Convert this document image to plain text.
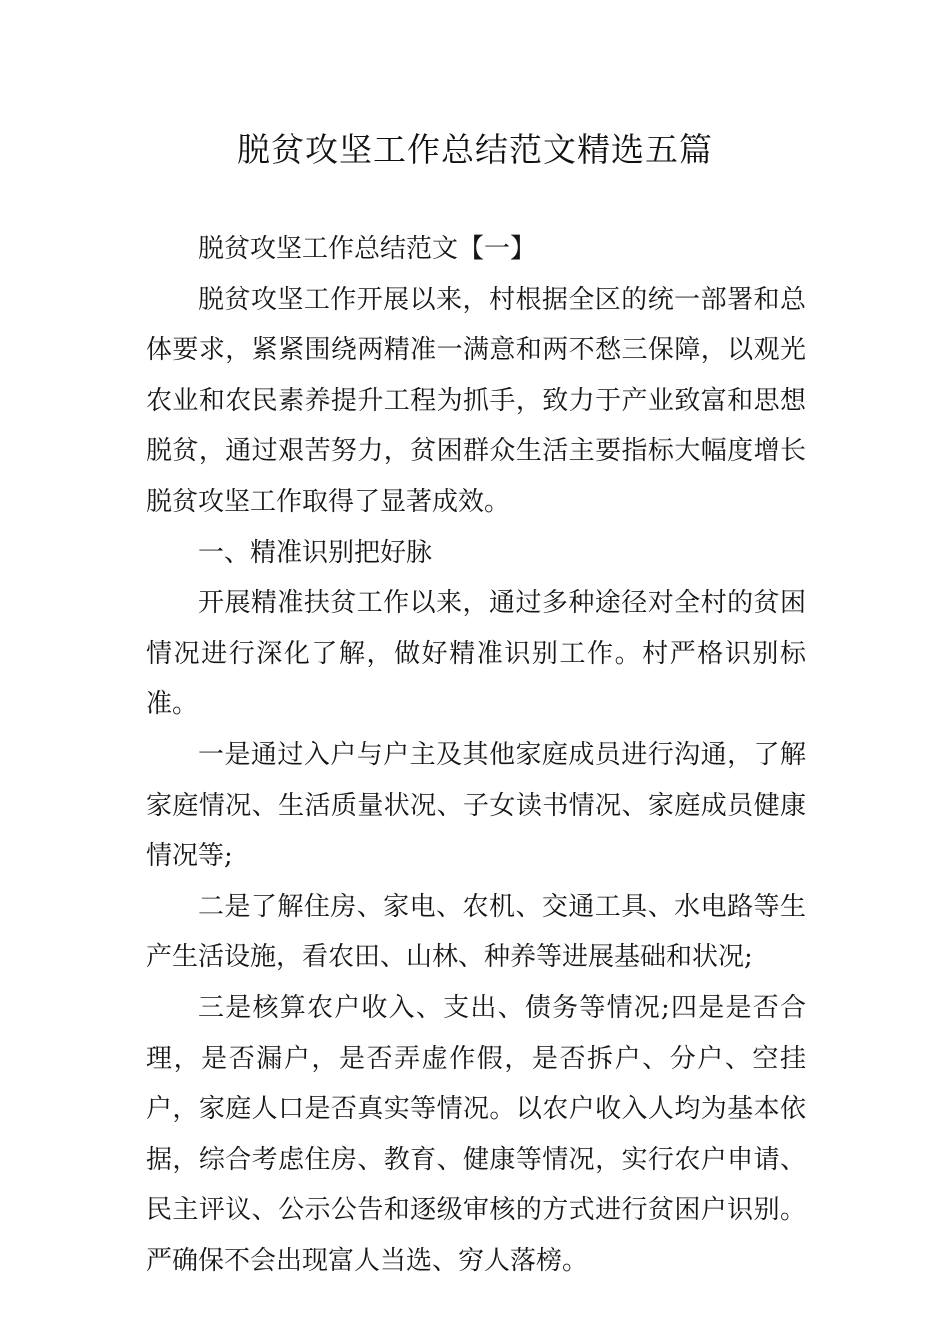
脱贫攻坚工作总结范文精选五篇

脱贫攻坚工作总结范文【一】

脱贫攻坚工作开展以来，村根据全区的统一部署和总体要求，紧紧围绕两精准一满意和两不愁三保障，以观光农业和农民素养提升工程为抓手，致力于产业致富和思想脱贫，通过艰苦努力，贫困群众生活主要指标大幅度增长脱贫攻坚工作取得了显著成效。

一、精准识别把好脉

开展精准扶贫工作以来，通过多种途径对全村的贫困情况进行深化了解，做好精准识别工作。村严格识别标准。

一是通过入户与户主及其他家庭成员进行沟通，了解家庭情况、生活质量状况、子女读书情况、家庭成员健康情况等;

二是了解住房、家电、农机、交通工具、水电路等生产生活设施，看农田、山林、种养等进展基础和状况;

三是核算农户收入、支出、债务等情况;四是是否合理，是否漏户，是否弄虚作假，是否拆户、分户、空挂户，家庭人口是否真实等情况。以农户收入人均为基本依据，综合考虑住房、教育、健康等情况，实行农户申请、民主评议、公示公告和逐级审核的方式进行贫困户识别。严确保不会出现富人当选、穷人落榜。
